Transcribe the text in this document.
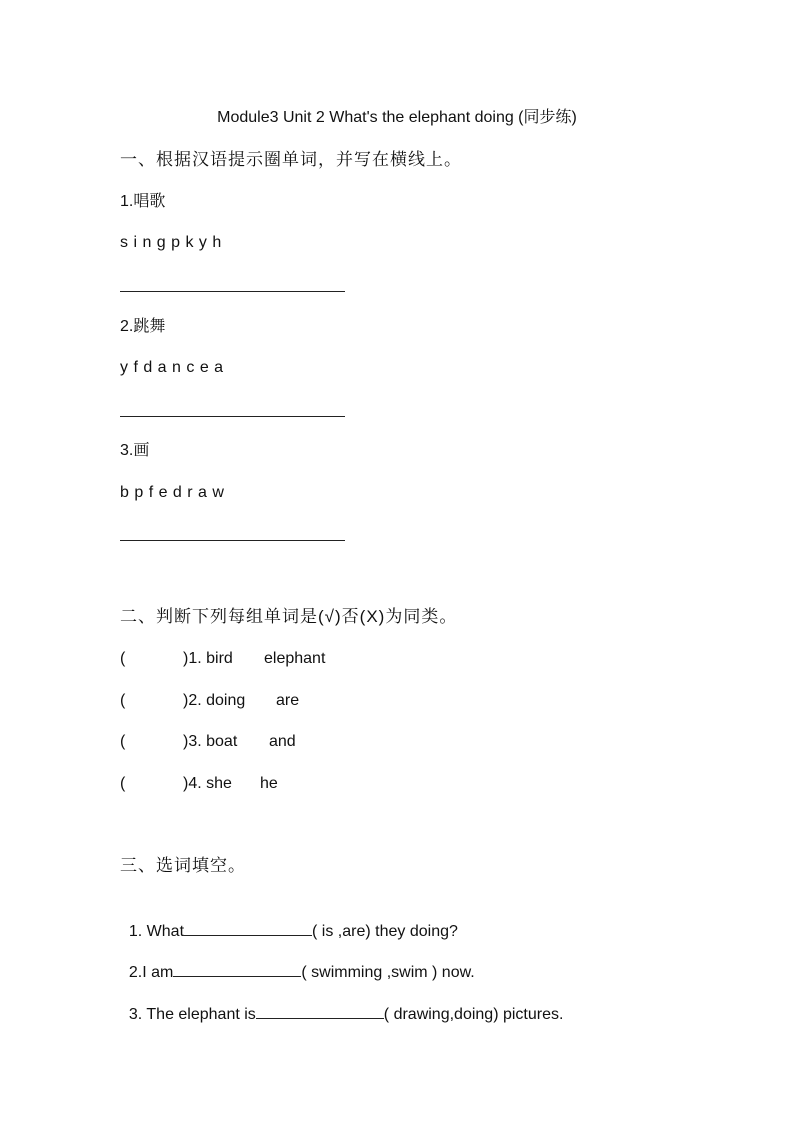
Module3 Unit 2 What's the elephant doing (同步练)
一、根据汉语提示圈单词，并写在横线上。
1.唱歌
s i n g p k y h
2.跳舞
y f d a n c e a
3.画
b p f e d r a w
二、判断下列每组单词是(√)否(X)为同类。
(	)1. bird elephant
(	)2. doing are
(	)3. boat and
(	)4. she he
三、选词填空。

1. What	( is ,are) they doing?

2.I am	( swimming ,swim ) now.

3. The elephant is	( drawing,doing) pictures.
